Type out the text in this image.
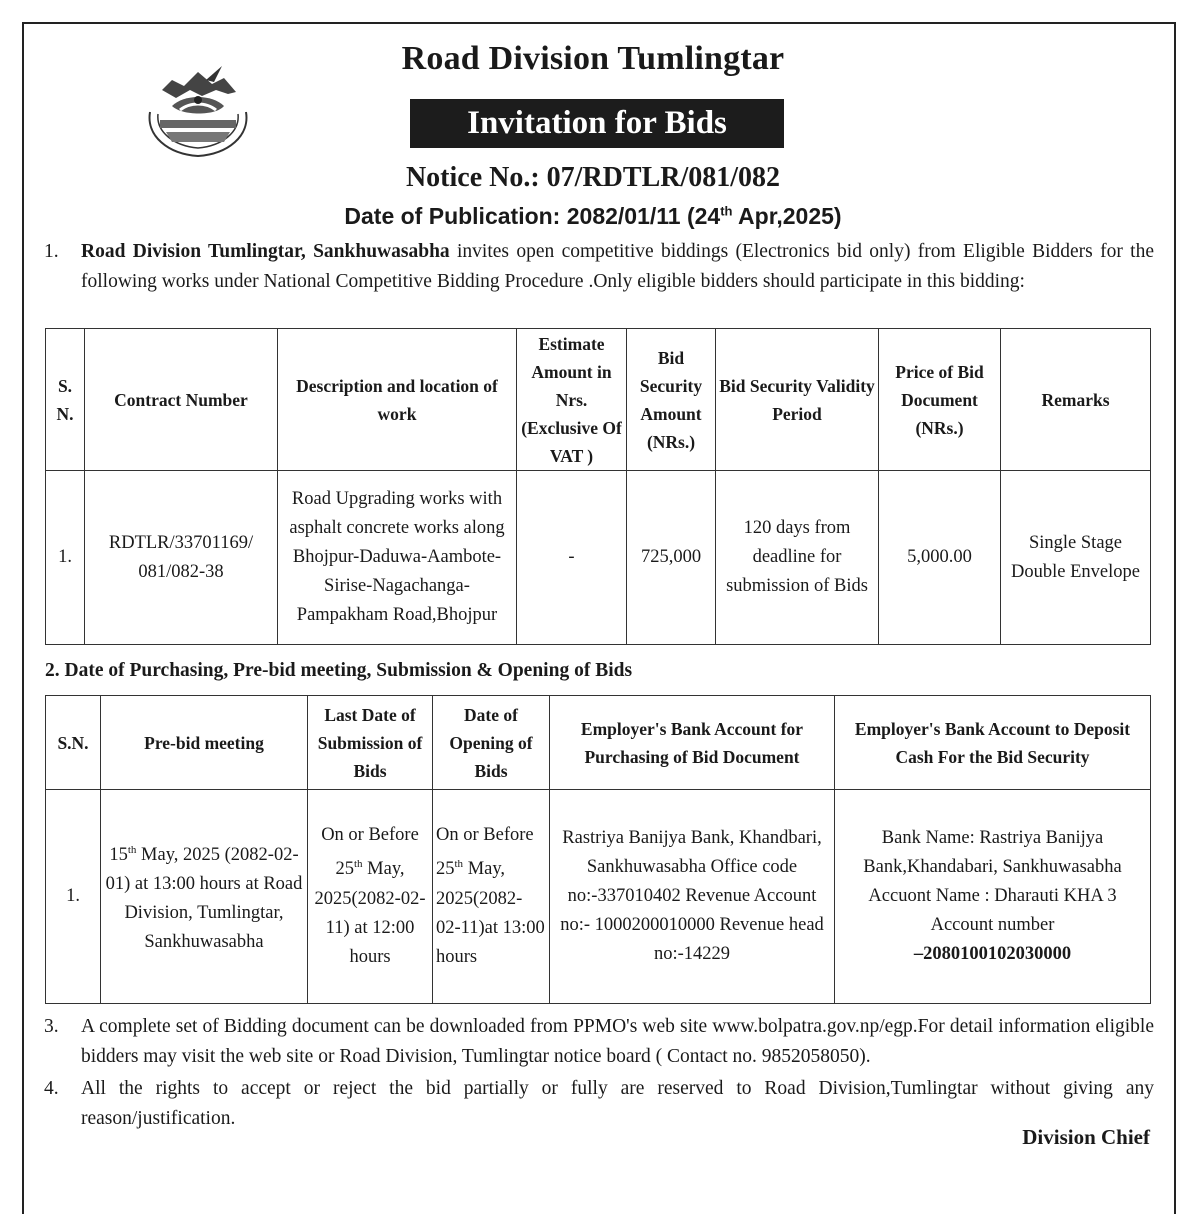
Road Division Tumlingtar
Invitation for Bids
Notice No.: 07/RDTLR/081/082
Date of Publication: 2082/01/11 (24th Apr,2025)
1. Road Division Tumlingtar, Sankhuwasabha invites open competitive biddings (Electronics bid only) from Eligible Bidders for the following works under National Competitive Bidding Procedure .Only eligible bidders should participate in this bidding:
S. N.	Contract Number	Description and location of work	Estimate Amount in Nrs. (Exclusive Of VAT )	Bid Security Amount (NRs.)	Bid Security Validity Period	Price of Bid Document (NRs.)	Remarks
1.	RDTLR/33701169/ 081/082-38	Road Upgrading works with asphalt concrete works along Bhojpur-Daduwa-Aambote-Sirise-Nagachanga-Pampakham Road,Bhojpur	-	725,000	120 days from deadline for submission of Bids	5,000.00	Single Stage Double Envelope
2. Date of Purchasing, Pre-bid meeting, Submission & Opening of Bids
S.N.	Pre-bid meeting	Last Date of Submission of Bids	Date of Opening of Bids	Employer's Bank Account for Purchasing of Bid Document	Employer's Bank Account to Deposit Cash For the Bid Security
1.	15th May, 2025 (2082-02-01) at 13:00 hours at Road Division, Tumlingtar, Sankhuwasabha	On or Before 25th May, 2025(2082-02-11) at 12:00 hours	On or Before 25th May, 2025(2082-02-11)at 13:00 hours	Rastriya Banijya Bank, Khandbari, Sankhuwasabha Office code no:-337010402 Revenue Account no:- 1000200010000 Revenue head no:-14229	Bank Name: Rastriya Banijya Bank,Khandabari, Sankhuwasabha Accuont Name : Dharauti KHA 3 Account number
–2080100102030000
3. A complete set of Bidding document can be downloaded from PPMO's web site www.bolpatra.gov.np/egp.For detail information eligible bidders may visit the web site or Road Division, Tumlingtar notice board ( Contact no. 9852058050).
4. All the rights to accept or reject the bid partially or fully are reserved to Road Division,Tumlingtar without giving any reason/justification.
Division Chief
